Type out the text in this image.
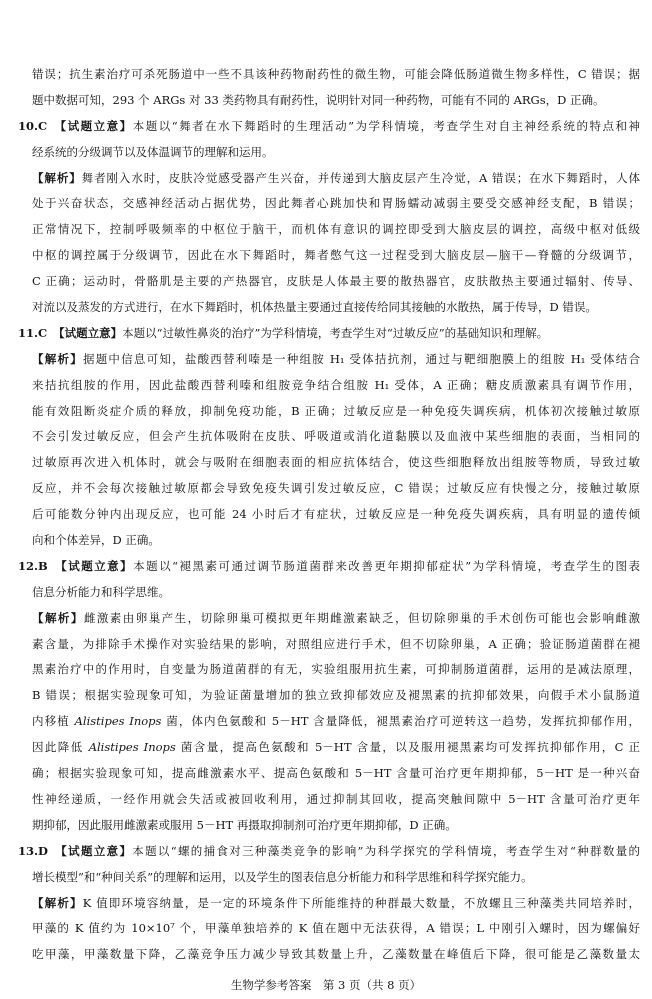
错误；抗生素治疗可杀死肠道中一些不具该种药物耐药性的微生物，可能会降低肠道微生物多样性，C 错误；据
题中数据可知，293 个 ARGs 对 33 类药物具有耐药性，说明针对同一种药物，可能有不同的 ARGs，D 正确。
10.C 【试题立意】本题以“舞者在水下舞蹈时的生理活动”为学科情境，考查学生对自主神经系统的特点和神
经系统的分级调节以及体温调节的理解和运用。
【解析】舞者刚入水时，皮肤冷觉感受器产生兴奋，并传递到大脑皮层产生冷觉，A 错误；在水下舞蹈时，人体
处于兴奋状态，交感神经活动占据优势，因此舞者心跳加快和胃肠蠕动减弱主要受交感神经支配，B 错误；
正常情况下，控制呼吸频率的中枢位于脑干，而机体有意识的调控即受到大脑皮层的调控，高级中枢对低级
中枢的调控属于分级调节，因此在水下舞蹈时，舞者憋气这一过程受到大脑皮层—脑干—脊髓的分级调节，
C 正确；运动时，骨骼肌是主要的产热器官，皮肤是人体最主要的散热器官，皮肤散热主要通过辐射、传导、
对流以及蒸发的方式进行，在水下舞蹈时，机体热量主要通过直接传给同其接触的水散热，属于传导，D 错误。
11.C 【试题立意】本题以“过敏性鼻炎的治疗”为学科情境，考查学生对“过敏反应”的基础知识和理解。
【解析】据题中信息可知，盐酸西替利嗪是一种组胺 H₁ 受体拮抗剂，通过与靶细胞膜上的组胺 H₁ 受体结合
来拮抗组胺的作用，因此盐酸西替利嗪和组胺竞争结合组胺 H₁ 受体，A 正确；糖皮质激素具有调节作用，
能有效阻断炎症介质的释放，抑制免疫功能，B 正确；过敏反应是一种免疫失调疾病，机体初次接触过敏原
不会引发过敏反应，但会产生抗体吸附在皮肤、呼吸道或消化道黏膜以及血液中某些细胞的表面，当相同的
过敏原再次进入机体时，就会与吸附在细胞表面的相应抗体结合，使这些细胞释放出组胺等物质，导致过敏
反应，并不会每次接触过敏原都会导致免疫失调引发过敏反应，C 错误；过敏反应有快慢之分，接触过敏原
后可能数分钟内出现反应，也可能 24 小时后才有症状，过敏反应是一种免疫失调疾病，具有明显的遗传倾
向和个体差异，D 正确。
12.B 【试题立意】本题以“褪黑素可通过调节肠道菌群来改善更年期抑郁症状”为学科情境，考查学生的图表
信息分析能力和科学思维。
【解析】雌激素由卵巢产生，切除卵巢可模拟更年期雌激素缺乏，但切除卵巢的手术创伤可能也会影响雌激
素含量，为排除手术操作对实验结果的影响，对照组应进行手术，但不切除卵巢，A 正确；验证肠道菌群在褪
黑素治疗中的作用时，自变量为肠道菌群的有无，实验组服用抗生素，可抑制肠道菌群，运用的是减法原理，
B 错误；根据实验现象可知，为验证菌量增加的独立致抑郁效应及褪黑素的抗抑郁效果，向假手术小鼠肠道
内移植 Alistipes Inops 菌，体内色氨酸和 5－HT 含量降低，褪黑素治疗可逆转这一趋势，发挥抗抑郁作用，
因此降低 Alistipes Inops 菌含量，提高色氨酸和 5－HT 含量，以及服用褪黑素均可发挥抗抑郁作用，C 正
确；根据实验现象可知，提高雌激素水平、提高色氨酸和 5－HT 含量可治疗更年期抑郁，5－HT 是一种兴奋
性神经递质，一经作用就会失活或被回收利用，通过抑制其回收，提高突触间隙中 5－HT 含量可治疗更年
期抑郁，因此服用雌激素或服用 5－HT 再摄取抑制剂可治疗更年期抑郁，D 正确。
13.D 【试题立意】本题以“螺的捕食对三种藻类竞争的影响”为科学探究的学科情境，考查学生对“种群数量的
增长模型”和“种间关系”的理解和运用，以及学生的图表信息分析能力和科学思维和科学探究能力。
【解析】K 值即环境容纳量，是一定的环境条件下所能维持的种群最大数量，不放螺且三种藻类共同培养时，
甲藻的 K 值约为 10×10⁷ 个，甲藻单独培养的 K 值在题中无法获得，A 错误；L 中刚引入螺时，因为螺偏好
吃甲藻，甲藻数量下降，乙藻竞争压力减少导致其数量上升，乙藻数量在峰值后下降，很可能是乙藻数量太
生物学参考答案　第 3 页（共 8 页）
